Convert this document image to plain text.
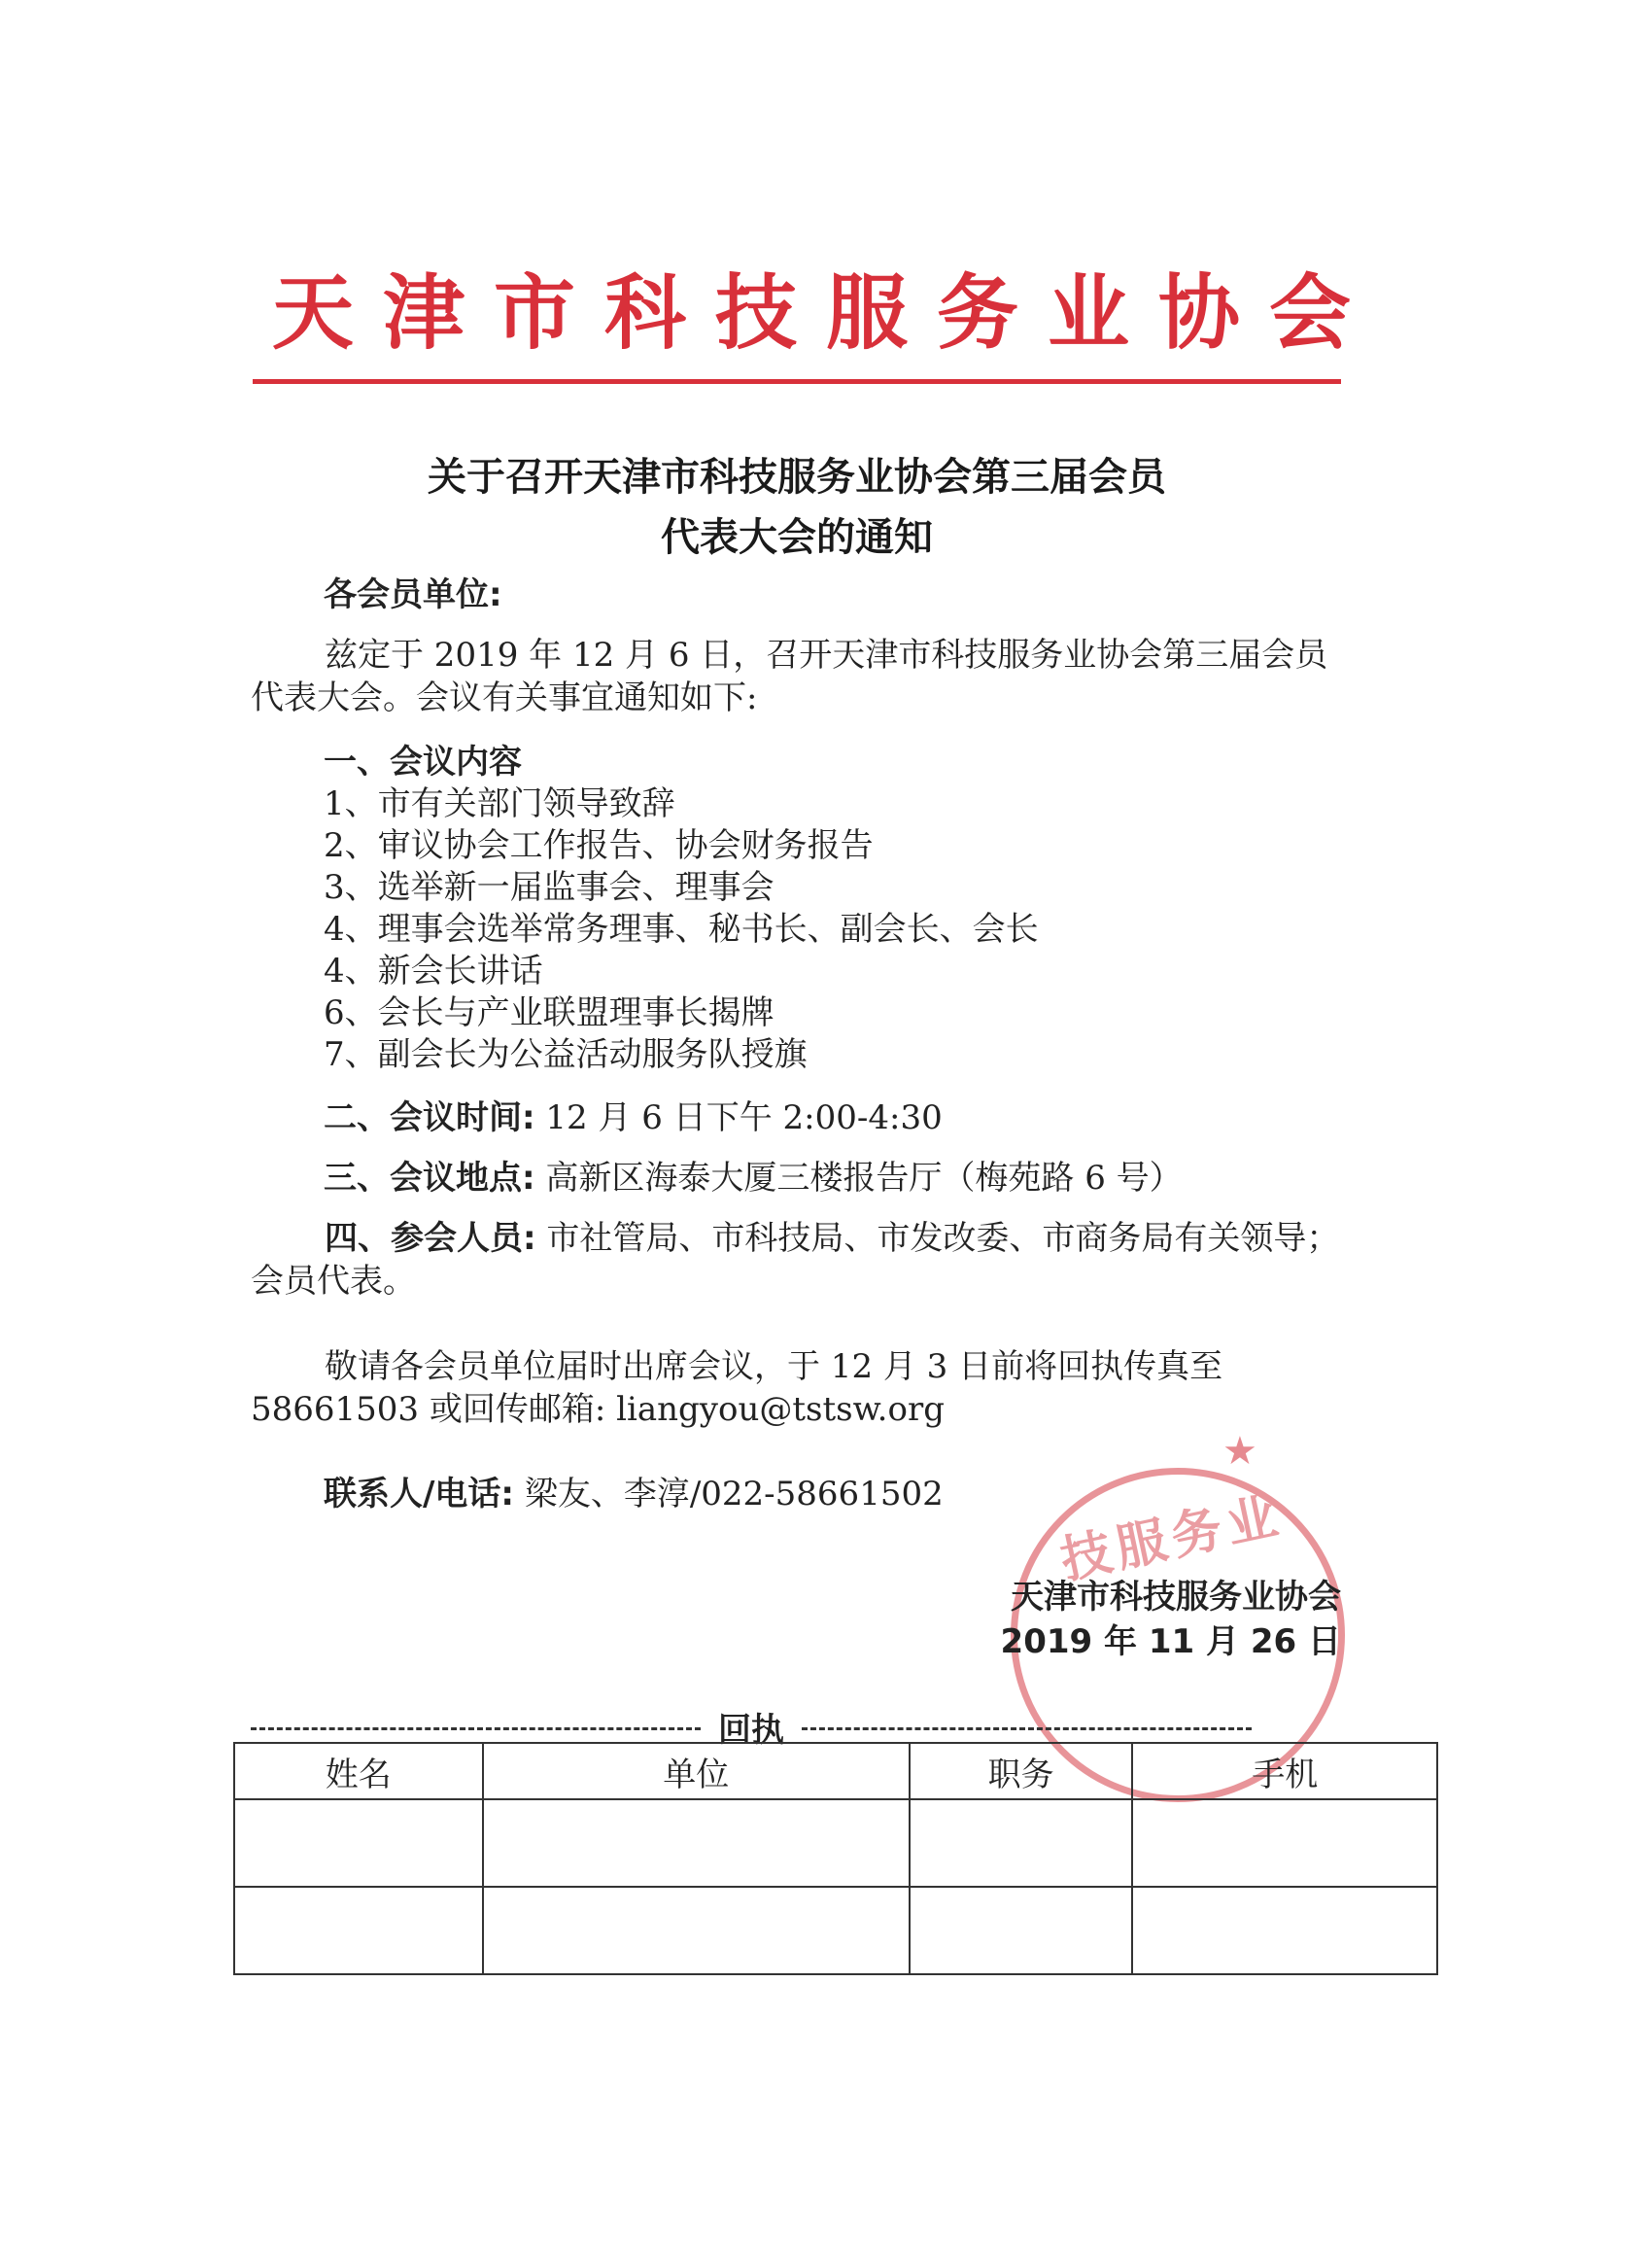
天津市科技服务业协会
关于召开天津市科技服务业协会第三届会员
代表大会的通知
各会员单位:
兹定于 2019 年 12 月 6 日，召开天津市科技服务业协会第三届会员代表大会。会议有关事宜通知如下:
一、会议内容
1、市有关部门领导致辞
2、审议协会工作报告、协会财务报告
3、选举新一届监事会、理事会
4、理事会选举常务理事、秘书长、副会长、会长
4、新会长讲话
6、会长与产业联盟理事长揭牌
7、副会长为公益活动服务队授旗
二、会议时间: 12 月 6 日下午 2:00-4:30
三、会议地点: 高新区海泰大厦三楼报告厅（梅苑路 6 号）
四、参会人员: 市社管局、市科技局、市发改委、市商务局有关领导；会员代表。
敬请各会员单位届时出席会议，于 12 月 3 日前将回执传真至 58661503 或回传邮箱: liangyou@tstsw.org
联系人/电话: 梁友、李淳/022-58661502	技服务业
★
天津市科技服务业协会
2019 年 11 月 26 日
回执
姓名	单位	职务	手机
